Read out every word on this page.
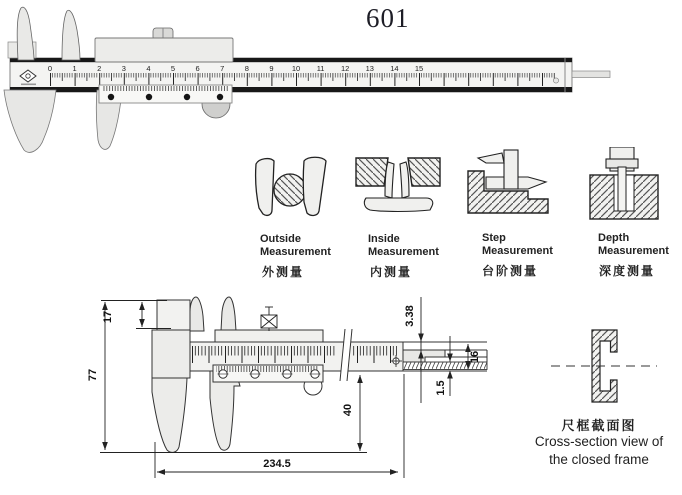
601
0	1	2	3	4	5	6	7	8	9 10 11 12 13 14 15
Outside
Measurement
外测量
Inside
Measurement
内测量
Step
Measurement
台阶测量
Depth
Measurement
深度测量
17
77
40
234.5
3.38
16
1.5
尺框截面图
Cross-section view of
the closed frame
